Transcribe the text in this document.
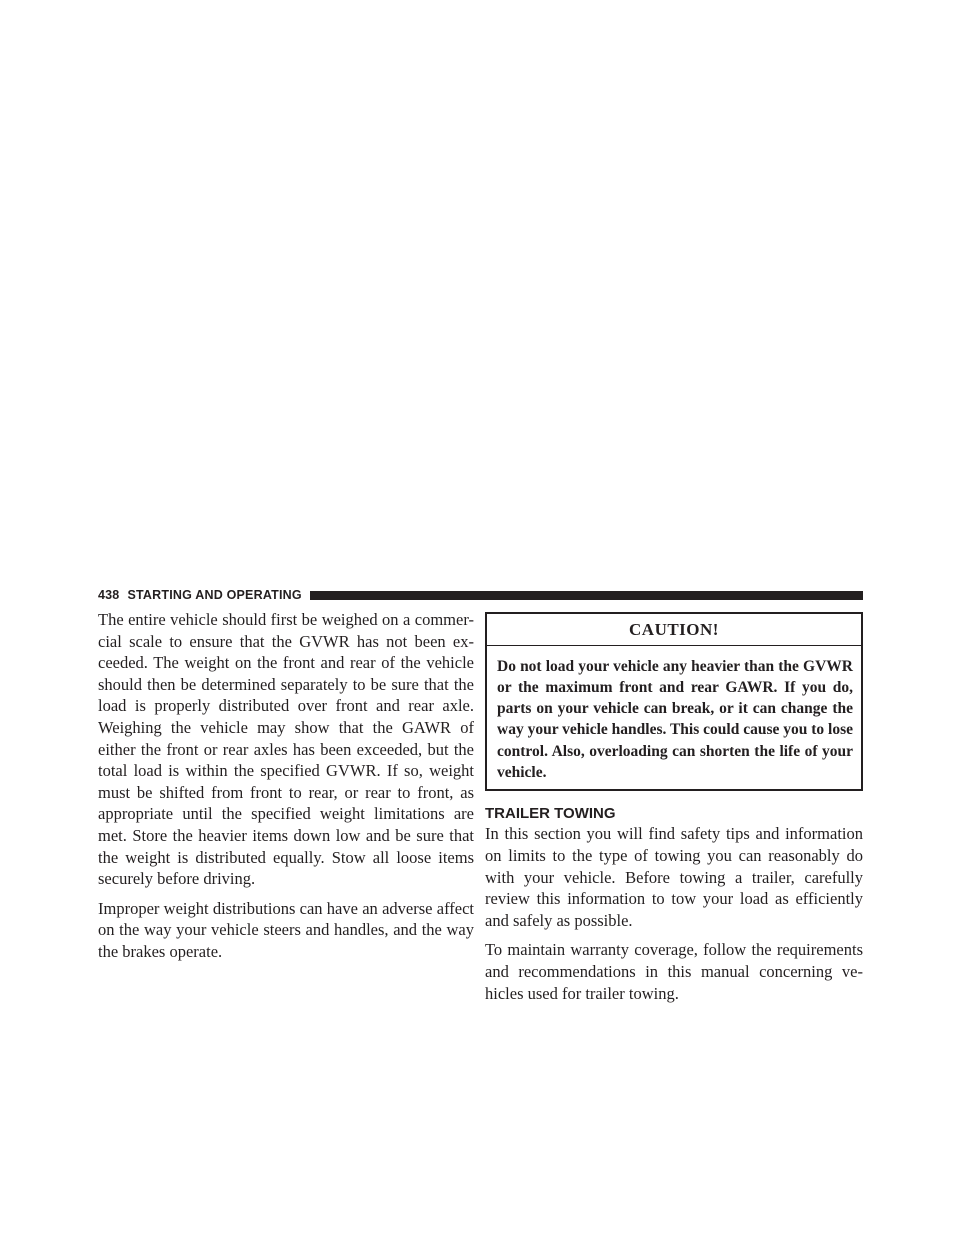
438 STARTING AND OPERATING

The entire vehicle should first be weighed on a commer- cial scale to ensure that the GVWR has not been ex- ceeded. The weight on the front and rear of the vehicle should then be determined separately to be sure that the load is properly distributed over front and rear axle. Weighing the vehicle may show that the GAWR of either the front or rear axles has been exceeded, but the total load is within the specified GVWR. If so, weight must be shifted from front to rear, or rear to front, as appropriate until the specified weight limitations are met. Store the heavier items down low and be sure that the weight is distributed equally. Stow all loose items securely before driving.

Improper weight distributions can have an adverse affect on the way your vehicle steers and handles, and the way the brakes operate.

CAUTION!
Do not load your vehicle any heavier than the GVWR or the maximum front and rear GAWR. If you do, parts on your vehicle can break, or it can change the way your vehicle handles. This could cause you to lose control. Also, overloading can shorten the life of your vehicle.
TRAILER TOWING

In this section you will find safety tips and information on limits to the type of towing you can reasonably do with your vehicle. Before towing a trailer, carefully review this information to tow your load as efficiently and safely as possible.

To maintain warranty coverage, follow the requirements and recommendations in this manual concerning ve- hicles used for trailer towing.
